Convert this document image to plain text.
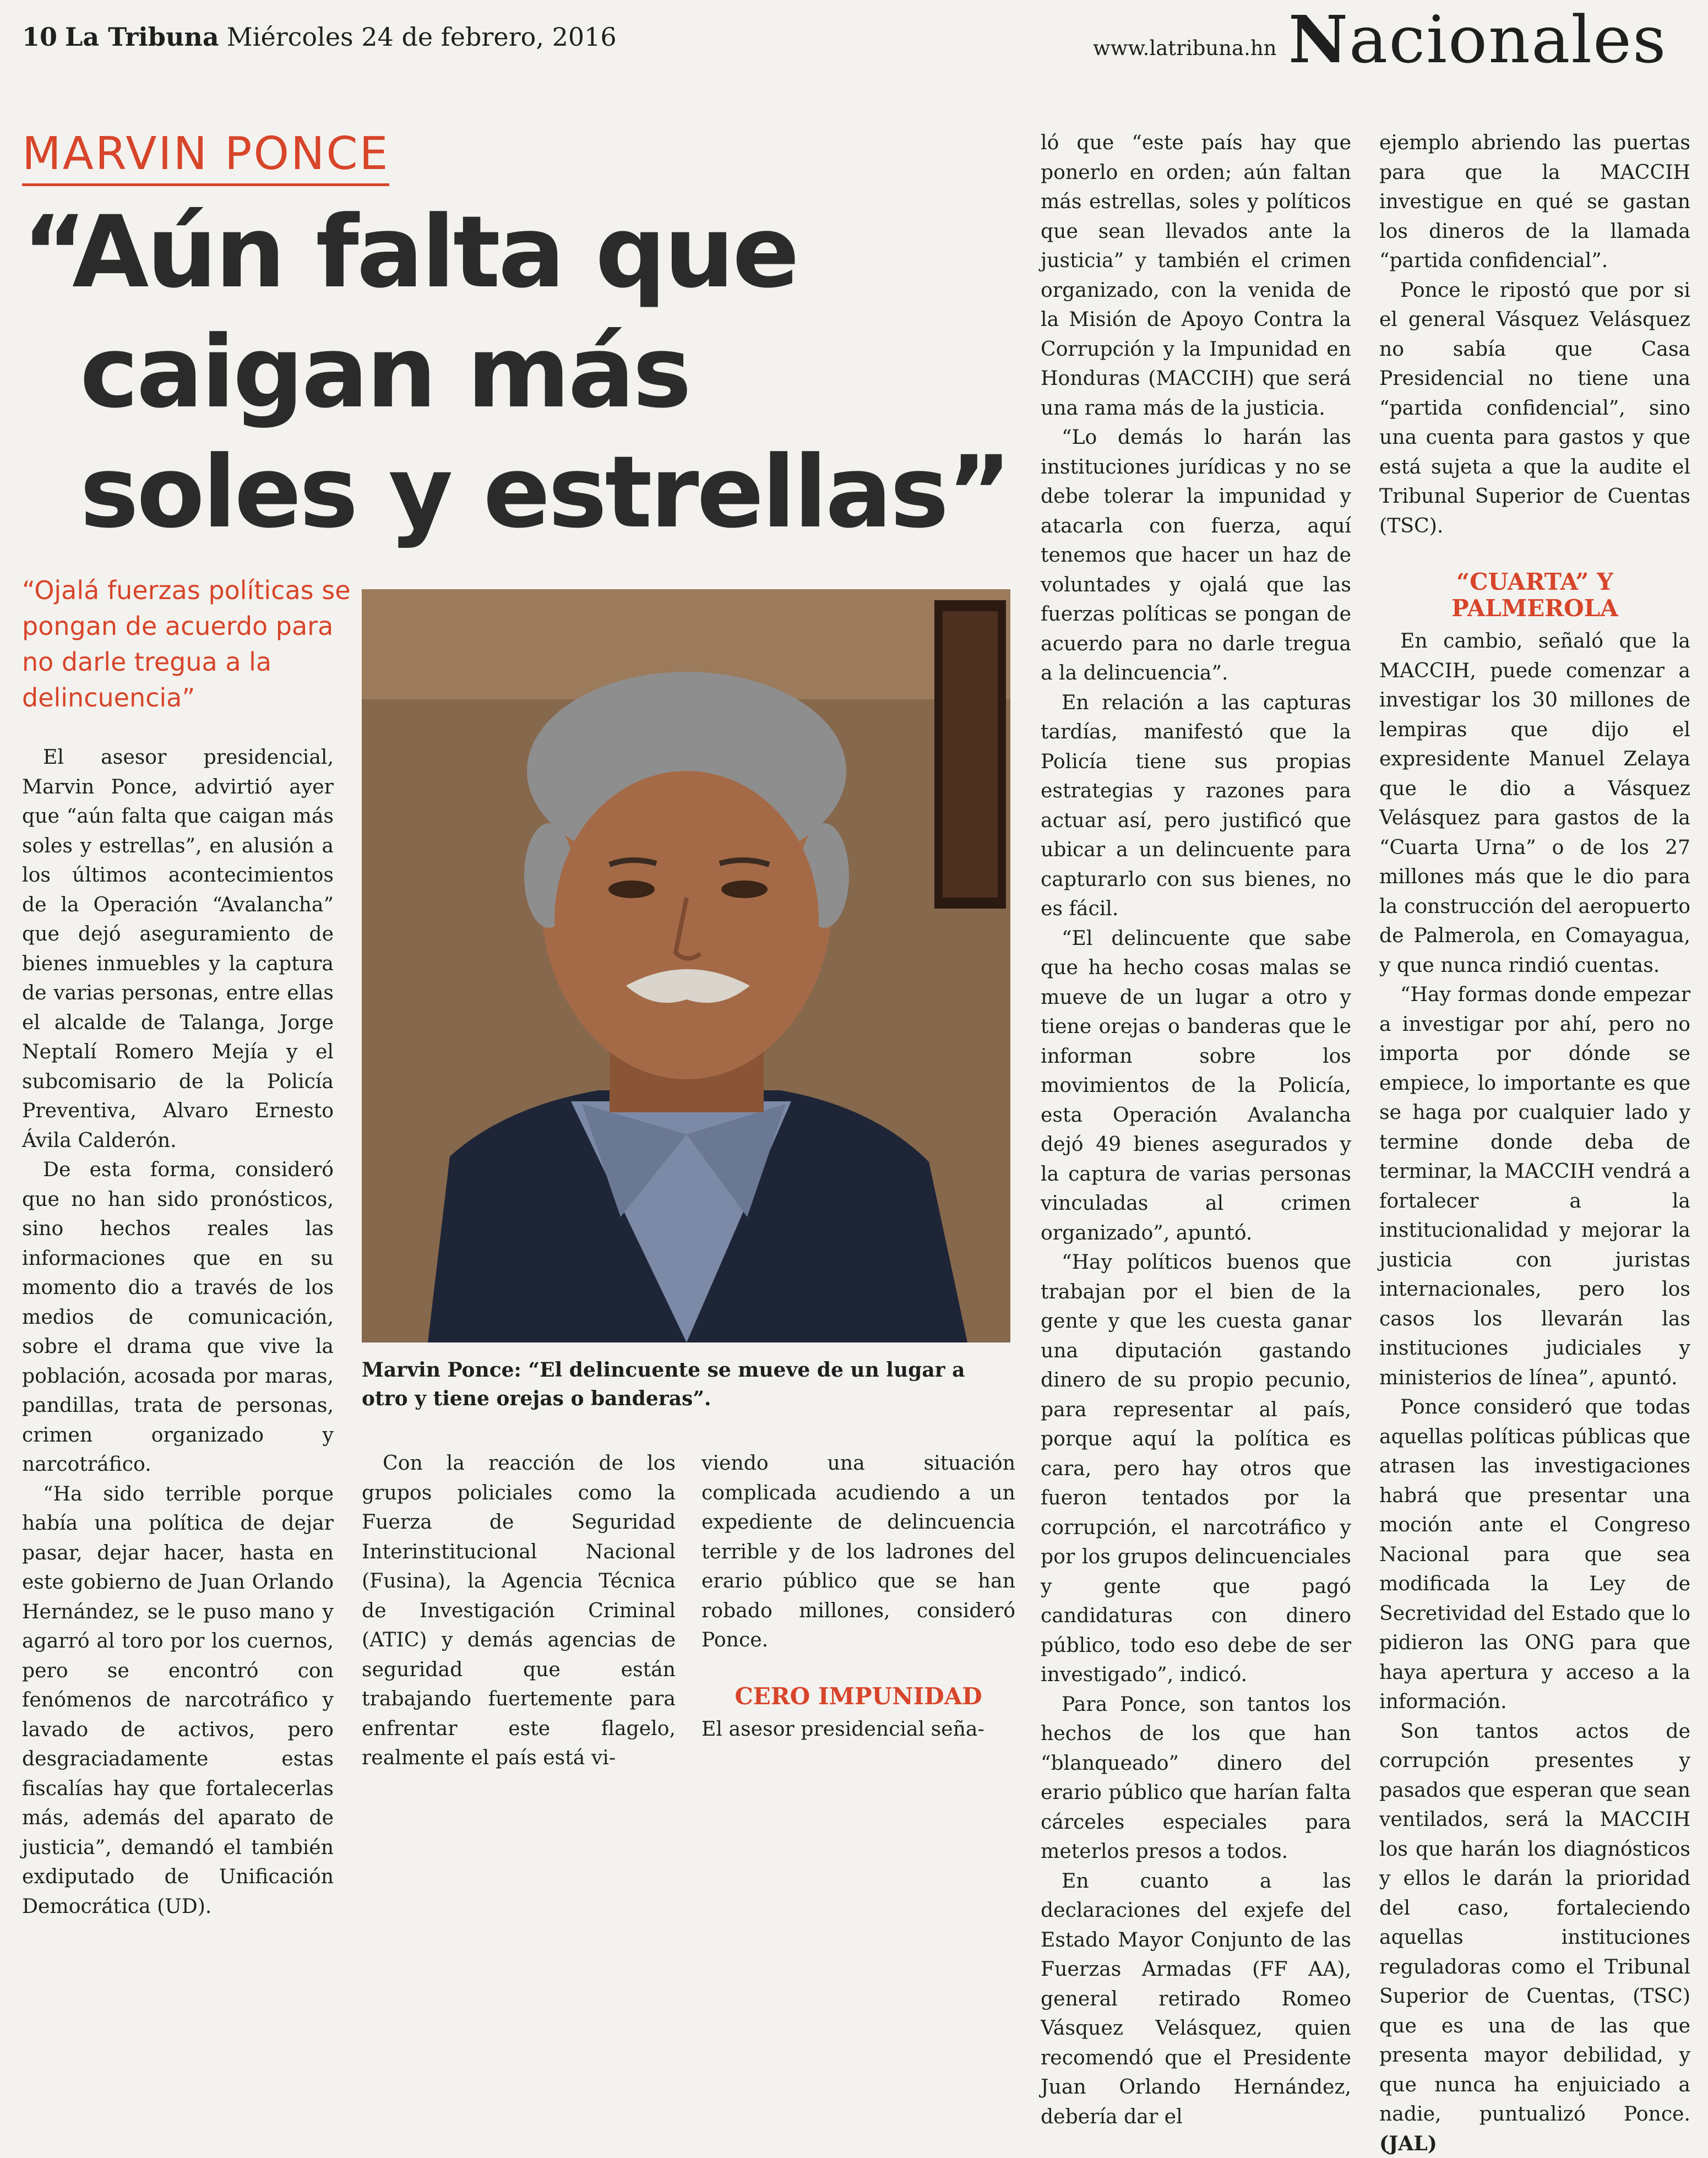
10 La Tribuna Miércoles 24 de febrero, 2016	www.latribuna.hn Nacionales
MARVIN PONCE
“Aún falta que
caigan más
soles y estrellas”
“Ojalá fuerzas políticas se pongan de acuerdo para no darle tregua a la delincuencia”
Marvin Ponce: “El delincuente se mueve de un lugar a otro y tiene orejas o banderas”.

El asesor presidencial, Marvin Ponce, advirtió ayer que “aún falta que caigan más soles y estrellas”, en alusión a los últimos acontecimientos de la Operación “Avalancha” que dejó aseguramiento de bienes inmuebles y la captura de varias personas, entre ellas el alcalde de Talanga, Jorge Neptalí Romero Mejía y el subcomisario de la Policía Preventiva, Alvaro Ernesto Ávila Calderón.

De esta forma, consideró que no han sido pronósticos, sino hechos reales las informaciones que en su momento dio a través de los medios de comunicación, sobre el drama que vive la población, acosada por maras, pandillas, trata de personas, crimen organizado y narcotráfico.

“Ha sido terrible porque había una política de dejar pasar, dejar hacer, hasta en este gobierno de Juan Orlando Hernández, se le puso mano y agarró al toro por los cuernos, pero se encontró con fenómenos de narcotráfico y lavado de activos, pero desgraciadamente estas fiscalías hay que fortalecerlas más, además del aparato de justicia”, demandó el también exdiputado de Unificación Democrática (UD).

Con la reacción de los grupos policiales como la Fuerza de Seguridad Interinstitucional Nacional (Fusina), la Agencia Técnica de Investigación Criminal (ATIC) y demás agencias de seguridad que están trabajando fuertemente para enfrentar este flagelo, realmente el país está vi-

viendo una situación complicada acudiendo a un expediente de delincuencia terrible y de los ladrones del erario público que se han robado millones, consideró Ponce.

CERO IMPUNIDAD

El asesor presidencial seña-

ló que “este país hay que ponerlo en orden; aún faltan más estrellas, soles y políticos que sean llevados ante la justicia” y también el crimen organizado, con la venida de la Misión de Apoyo Contra la Corrupción y la Impunidad en Honduras (MACCIH) que será una rama más de la justicia.

“Lo demás lo harán las instituciones jurídicas y no se debe tolerar la impunidad y atacarla con fuerza, aquí tenemos que hacer un haz de voluntades y ojalá que las fuerzas políticas se pongan de acuerdo para no darle tregua a la delincuencia”.

En relación a las capturas tardías, manifestó que la Policía tiene sus propias estrategias y razones para actuar así, pero justificó que ubicar a un delincuente para capturarlo con sus bienes, no es fácil.

“El delincuente que sabe que ha hecho cosas malas se mueve de un lugar a otro y tiene orejas o banderas que le informan sobre los movimientos de la Policía, esta Operación Avalancha dejó 49 bienes asegurados y la captura de varias personas vinculadas al crimen organizado”, apuntó.

“Hay políticos buenos que trabajan por el bien de la gente y que les cuesta ganar una diputación gastando dinero de su propio pecunio, para representar al país, porque aquí la política es cara, pero hay otros que fueron tentados por la corrupción, el narcotráfico y por los grupos delincuenciales y gente que pagó candidaturas con dinero público, todo eso debe de ser investigado”, indicó.

Para Ponce, son tantos los hechos de los que han “blanqueado” dinero del erario público que harían falta cárceles especiales para meterlos presos a todos.

En cuanto a las declaraciones del exjefe del Estado Mayor Conjunto de las Fuerzas Armadas (FF AA), general retirado Romeo Vásquez Velásquez, quien recomendó que el Presidente Juan Orlando Hernández, debería dar el

ejemplo abriendo las puertas para que la MACCIH investigue en qué se gastan los dineros de la llamada “partida confidencial”.

Ponce le ripostó que por si el general Vásquez Velásquez no sabía que Casa Presidencial no tiene una “partida confidencial”, sino una cuenta para gastos y que está sujeta a que la audite el Tribunal Superior de Cuentas (TSC).

“CUARTA” Y PALMEROLA

En cambio, señaló que la MACCIH, puede comenzar a investigar los 30 millones de lempiras que dijo el expresidente Manuel Zelaya que le dio a Vásquez Velásquez para gastos de la “Cuarta Urna” o de los 27 millones más que le dio para la construcción del aeropuerto de Palmerola, en Comayagua, y que nunca rindió cuentas.

“Hay formas donde empezar a investigar por ahí, pero no importa por dónde se empiece, lo importante es que se haga por cualquier lado y termine donde deba de terminar, la MACCIH vendrá a fortalecer a la institucionalidad y mejorar la justicia con juristas internacionales, pero los casos los llevarán las instituciones judiciales y ministerios de línea”, apuntó.

Ponce consideró que todas aquellas políticas públicas que atrasen las investigaciones habrá que presentar una moción ante el Congreso Nacional para que sea modificada la Ley de Secretividad del Estado que lo pidieron las ONG para que haya apertura y acceso a la información.

Son tantos actos de corrupción presentes y pasados que esperan que sean ventilados, será la MACCIH los que harán los diagnósticos y ellos le darán la prioridad del caso, fortaleciendo aquellas instituciones reguladoras como el Tribunal Superior de Cuentas, (TSC) que es una de las que presenta mayor debilidad, y que nunca ha enjuiciado a nadie, puntualizó Ponce. (JAL)
